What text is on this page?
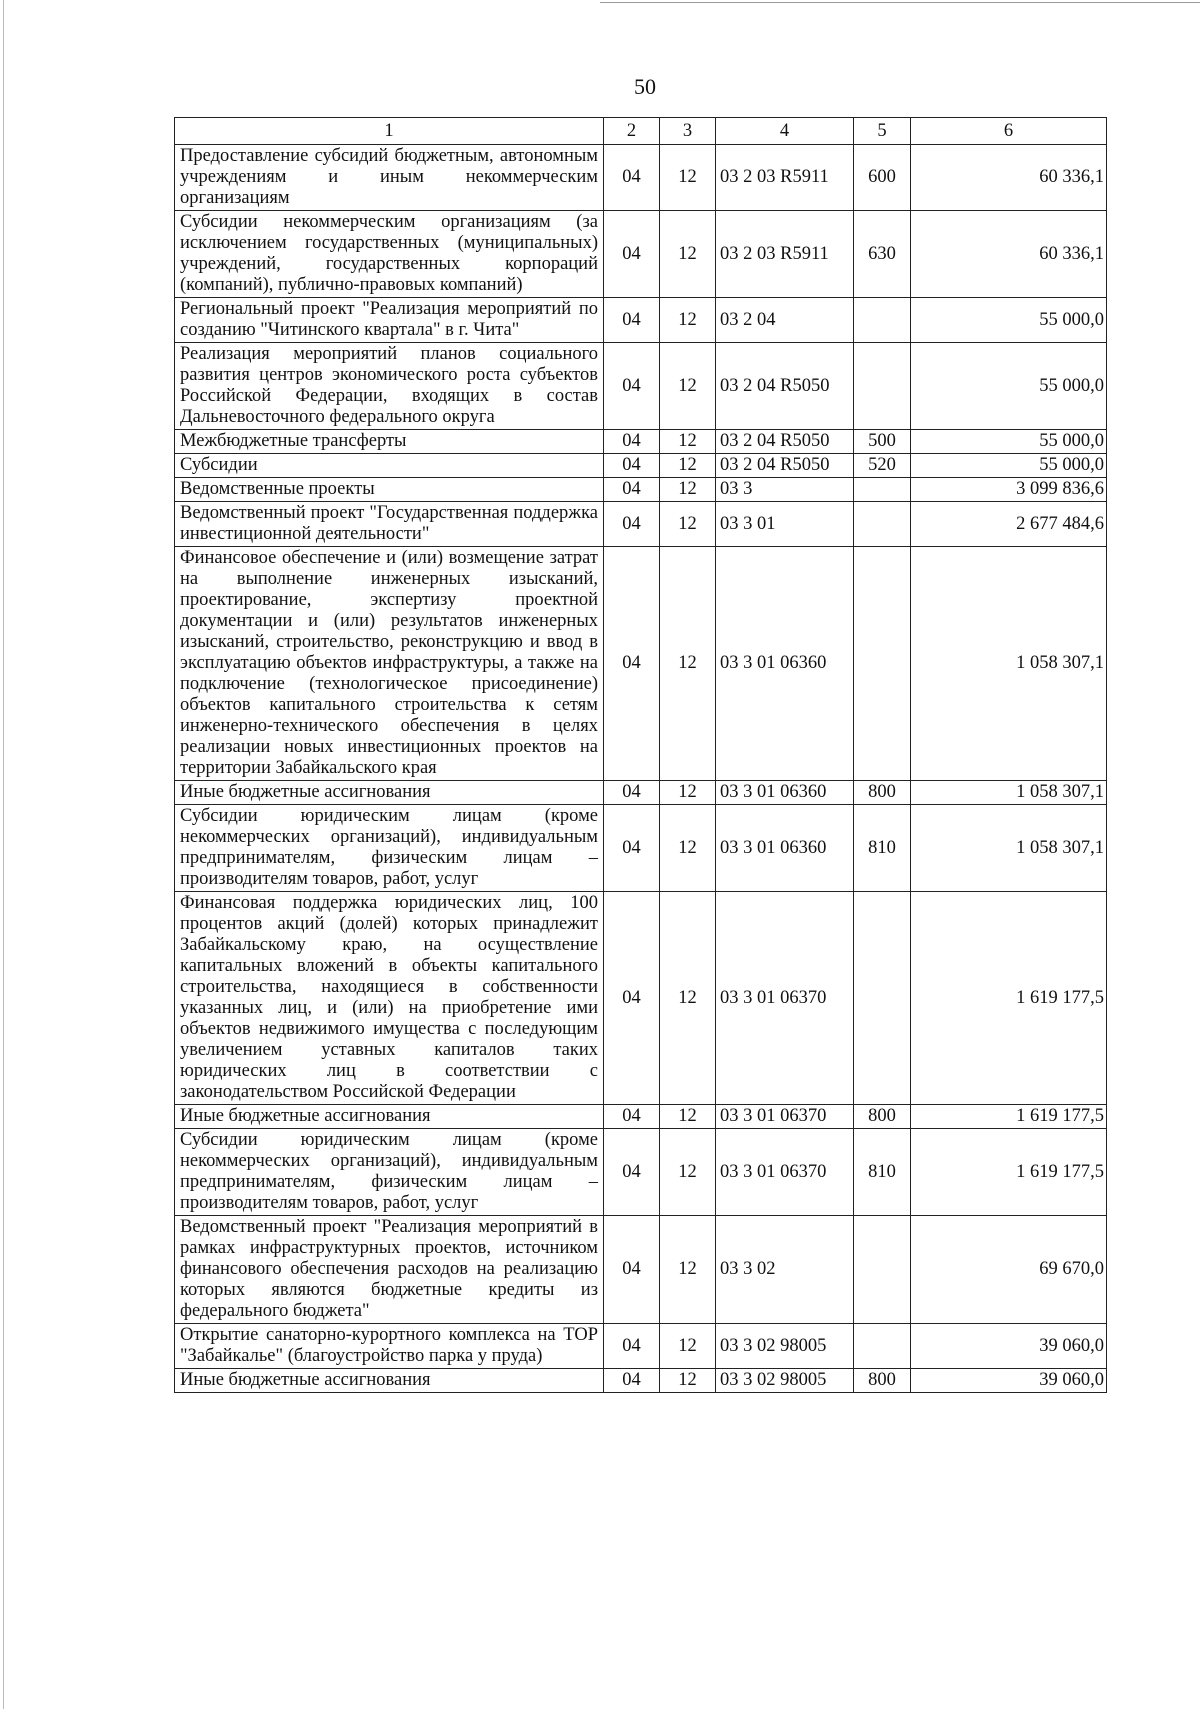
50
1	2	3	4	5	6
Предоставление субсидий бюджетным, автономным учреждениям и иным некоммерческим организациям	04	12	03 2 03 R5911	600	60 336,1
Субсидии некоммерческим организациям (за исключением государственных (муниципальных) учреждений, государственных корпораций (компаний), публично-правовых компаний)	04	12	03 2 03 R5911	630	60 336,1
Региональный проект "Реализация мероприятий по созданию "Читинского квартала" в г. Чита"	04	12	03 2 04		55 000,0
Реализация мероприятий планов социального развития центров экономического роста субъектов Российской Федерации, входящих в состав Дальневосточного федерального округа	04	12	03 2 04 R5050		55 000,0
Межбюджетные трансферты	04	12	03 2 04 R5050	500	55 000,0
Субсидии	04	12	03 2 04 R5050	520	55 000,0
Ведомственные проекты	04	12	03 3		3 099 836,6
Ведомственный проект "Государственная поддержка инвестиционной деятельности"	04	12	03 3 01		2 677 484,6
Финансовое обеспечение и (или) возмещение затрат на выполнение инженерных изысканий, проектирование, экспертизу проектной документации и (или) результатов инженерных изысканий, строительство, реконструкцию и ввод в эксплуатацию объектов инфраструктуры, а также на подключение (технологическое присоединение) объектов капитального строительства к сетям инженерно-технического обеспечения в целях реализации новых инвестиционных проектов на территории Забайкальского края	04	12	03 3 01 06360		1 058 307,1
Иные бюджетные ассигнования	04	12	03 3 01 06360	800	1 058 307,1
Субсидии юридическим лицам (кроме некоммерческих организаций), индивидуальным предпринимателям, физическим лицам – производителям товаров, работ, услуг	04	12	03 3 01 06360	810	1 058 307,1
Финансовая поддержка юридических лиц, 100 процентов акций (долей) которых принадлежит Забайкальскому краю, на осуществление капитальных вложений в объекты капитального строительства, находящиеся в собственности указанных лиц, и (или) на приобретение ими объектов недвижимого имущества с последующим увеличением уставных капиталов таких юридических лиц в соответствии с законодательством Российской Федерации	04	12	03 3 01 06370		1 619 177,5
Иные бюджетные ассигнования	04	12	03 3 01 06370	800	1 619 177,5
Субсидии юридическим лицам (кроме некоммерческих организаций), индивидуальным предпринимателям, физическим лицам – производителям товаров, работ, услуг	04	12	03 3 01 06370	810	1 619 177,5
Ведомственный проект "Реализация мероприятий в рамках инфраструктурных проектов, источником финансового обеспечения расходов на реализацию которых являются бюджетные кредиты из федерального бюджета"	04	12	03 3 02		69 670,0
Открытие санаторно-курортного комплекса на ТОР "Забайкалье" (благоустройство парка у пруда)	04	12	03 3 02 98005		39 060,0
Иные бюджетные ассигнования	04	12	03 3 02 98005	800	39 060,0
